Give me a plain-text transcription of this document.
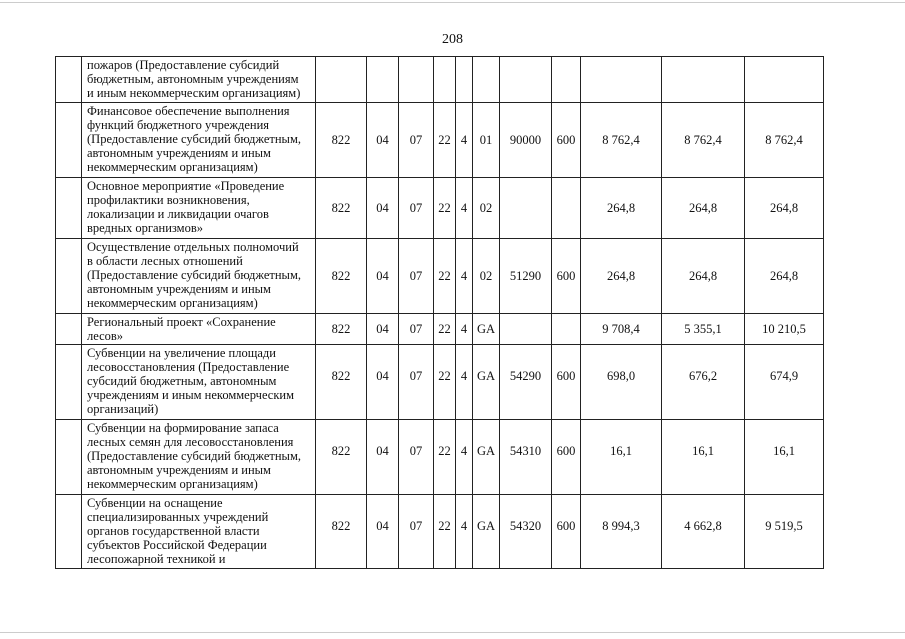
208
	пожаров (Предоставление субсидий
бюджетным, автономным учреждениям
и иным некоммерческим организациям)											
	Финансовое обеспечение выполнения
функций бюджетного учреждения
(Предоставление субсидий бюджетным,
автономным учреждениям и иным
некоммерческим организациям)	822	04	07	22	4	01	90000	600	8 762,4	8 762,4	8 762,4
	Основное мероприятие «Проведение
профилактики возникновения,
локализации и ликвидации очагов
вредных организмов»	822	04	07	22	4	02			264,8	264,8	264,8
	Осуществление отдельных полномочий
в области лесных отношений
(Предоставление субсидий бюджетным,
автономным учреждениям и иным
некоммерческим организациям)	822	04	07	22	4	02	51290	600	264,8	264,8	264,8
	Региональный проект «Сохранение
лесов»	822	04	07	22	4	GA			9 708,4	5 355,1	10 210,5
	Субвенции на увеличение площади
лесовосстановления (Предоставление
субсидий бюджетным, автономным
учреждениям и иным некоммерческим
организаций)	822	04	07	22	4	GA	54290	600	698,0	676,2	674,9
	Субвенции на формирование запаса
лесных семян для лесовосстановления
(Предоставление субсидий бюджетным,
автономным учреждениям и иным
некоммерческим организациям)	822	04	07	22	4	GA	54310	600	16,1	16,1	16,1
	Субвенции на оснащение
специализированных учреждений
органов государственной власти
субъектов Российской Федерации
лесопожарной техникой и	822	04	07	22	4	GA	54320	600	8 994,3	4 662,8	9 519,5
